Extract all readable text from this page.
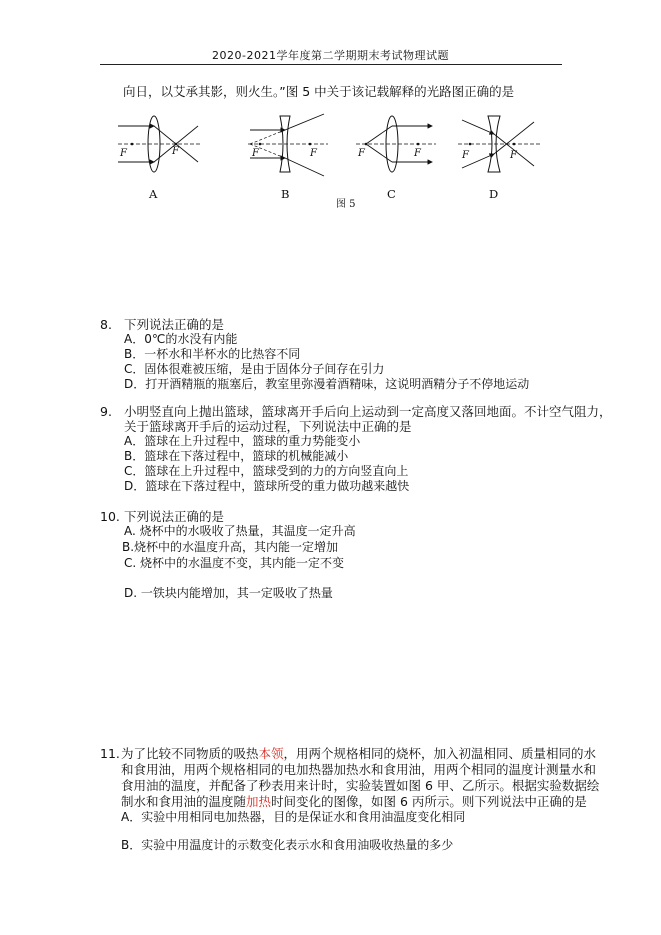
2020-2021学年度第二学期期末考试物理试题
向日，以艾承其影，则火生。”图 5 中关于该记载解释的光路图正确的是
F	F	F	F	F	F	F	F
A	B	C	D
图 5
8. 下列说法正确的是
A．0℃的水没有内能
B．一杯水和半杯水的比热容不同
C．固体很难被压缩，是由于固体分子间存在引力
D．打开酒精瓶的瓶塞后，教室里弥漫着酒精味，这说明酒精分子不停地运动
9. 小明竖直向上抛出篮球，篮球离开手后向上运动到一定高度又落回地面。不计空气阻力，
关于篮球离开手后的运动过程，下列说法中正确的是
A．篮球在上升过程中，篮球的重力势能变小
B．篮球在下落过程中，篮球的机械能减小
C．篮球在上升过程中，篮球受到的力的方向竖直向上
D．篮球在下落过程中，篮球所受的重力做功越来越快
10. 下列说法正确的是
A. 烧杯中的水吸收了热量，其温度一定升高
B.烧杯中的水温度升高，其内能一定增加
C. 烧杯中的水温度不变，其内能一定不变
D. 一铁块内能增加，其一定吸收了热量
11. 为了比较不同物质的吸热本领，用两个规格相同的烧杯，加入初温相同、质量相同的水
和食用油，用两个规格相同的电加热器加热水和食用油，用两个相同的温度计测量水和
食用油的温度，并配备了秒表用来计时，实验装置如图 6 甲、乙所示。根据实验数据绘
制水和食用油的温度随加热时间变化的图像，如图 6 丙所示。则下列说法中正确的是
A．实验中用相同电加热器，目的是保证水和食用油温度变化相同
B．实验中用温度计的示数变化表示水和食用油吸收热量的多少
